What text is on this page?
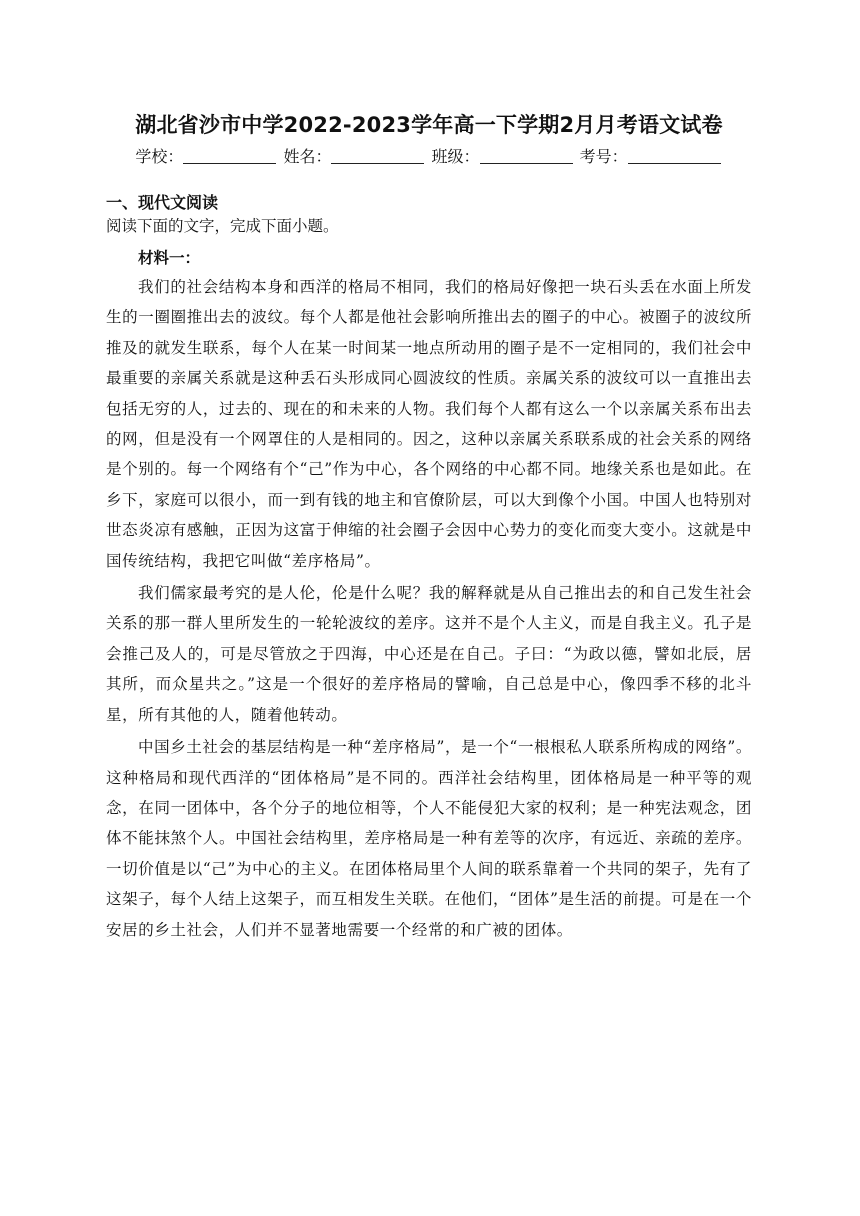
湖北省沙市中学2022-2023学年高一下学期2月月考语文试卷
学校：	姓名：	班级：	考号：
一、现代文阅读
阅读下面的文字，完成下面小题。
材料一：

我们的社会结构本身和西洋的格局不相同，我们的格局好像把一块石头丢在水面上所发生的一圈圈推出去的波纹。每个人都是他社会影响所推出去的圈子的中心。被圈子的波纹所推及的就发生联系，每个人在某一时间某一地点所动用的圈子是不一定相同的，我们社会中最重要的亲属关系就是这种丢石头形成同心圆波纹的性质。亲属关系的波纹可以一直推出去包括无穷的人，过去的、现在的和未来的人物。我们每个人都有这么一个以亲属关系布出去的网，但是没有一个网罩住的人是相同的。因之，这种以亲属关系联系成的社会关系的网络是个别的。每一个网络有个“己”作为中心，各个网络的中心都不同。地缘关系也是如此。在乡下，家庭可以很小，而一到有钱的地主和官僚阶层，可以大到像个小国。中国人也特别对世态炎凉有感触，正因为这富于伸缩的社会圈子会因中心势力的变化而变大变小。这就是中国传统结构，我把它叫做“差序格局”。

我们儒家最考究的是人伦，伦是什么呢？我的解释就是从自己推出去的和自己发生社会关系的那一群人里所发生的一轮轮波纹的差序。这并不是个人主义，而是自我主义。孔子是会推己及人的，可是尽管放之于四海，中心还是在自己。子曰：“为政以德，譬如北辰，居其所，而众星共之。”这是一个很好的差序格局的譬喻，自己总是中心，像四季不移的北斗星，所有其他的人，随着他转动。

中国乡土社会的基层结构是一种“差序格局”，是一个“一根根私人联系所构成的网络”。这种格局和现代西洋的“团体格局”是不同的。西洋社会结构里，团体格局是一种平等的观念，在同一团体中，各个分子的地位相等，个人不能侵犯大家的权利；是一种宪法观念，团体不能抹煞个人。中国社会结构里，差序格局是一种有差等的次序，有远近、亲疏的差序。一切价值是以“己”为中心的主义。在团体格局里个人间的联系靠着一个共同的架子，先有了这架子，每个人结上这架子，而互相发生关联。在他们，“团体”是生活的前提。可是在一个安居的乡土社会，人们并不显著地需要一个经常的和广被的团体。
